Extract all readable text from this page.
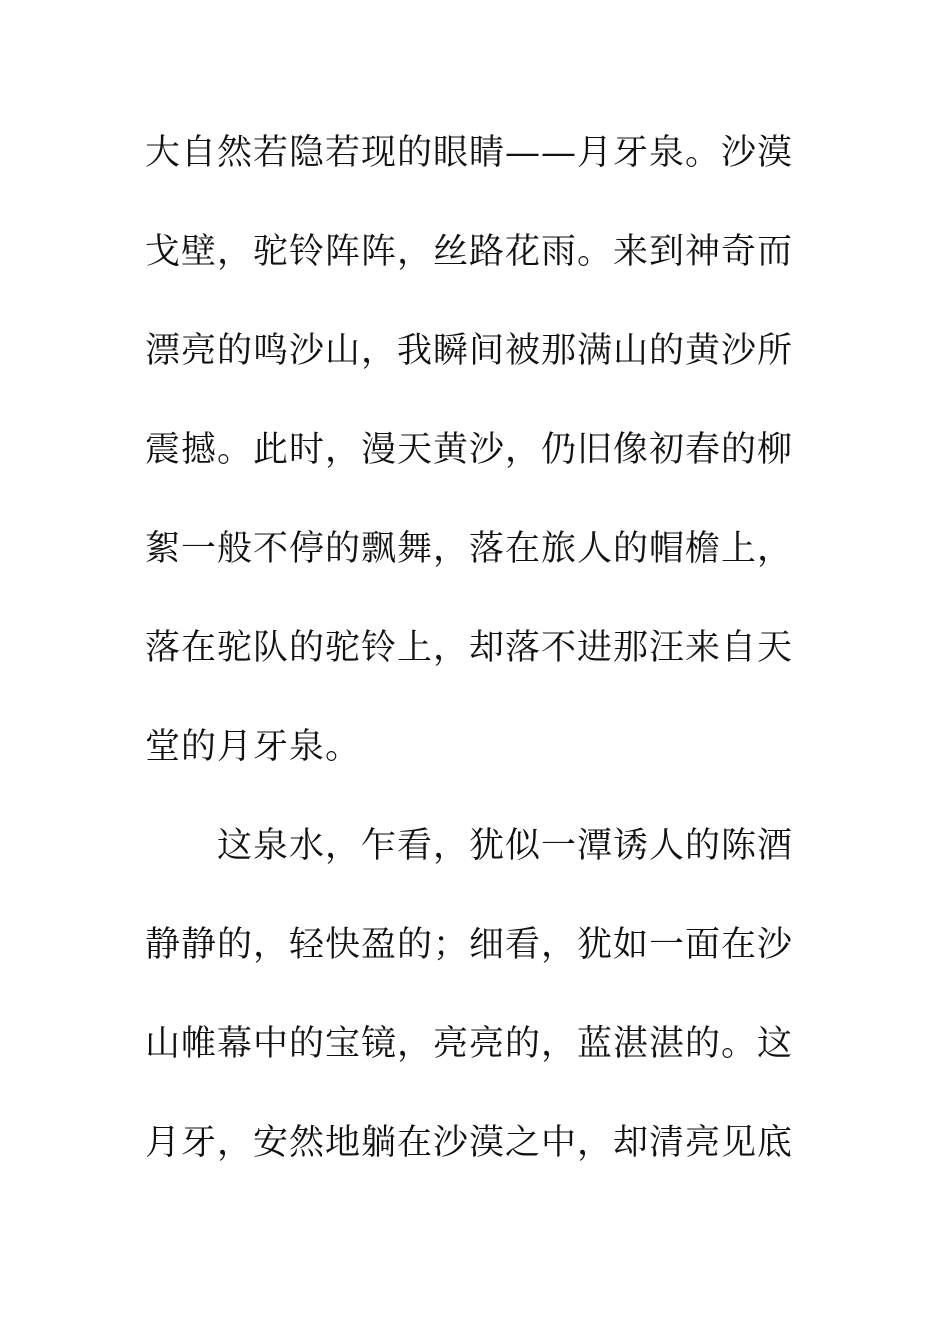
大自然若隐若现的眼睛——月牙泉。沙漠
戈壁，驼铃阵阵，丝路花雨。来到神奇而
漂亮的鸣沙山，我瞬间被那满山的黄沙所
震撼。此时，漫天黄沙，仍旧像初春的柳
絮一般不停的飘舞，落在旅人的帽檐上，
落在驼队的驼铃上，却落不进那汪来自天
堂的月牙泉。
这泉水，乍看，犹似一潭诱人的陈酒
静静的，轻快盈的；细看，犹如一面在沙
山帷幕中的宝镜，亮亮的，蓝湛湛的。这
月牙，安然地躺在沙漠之中，却清亮见底
